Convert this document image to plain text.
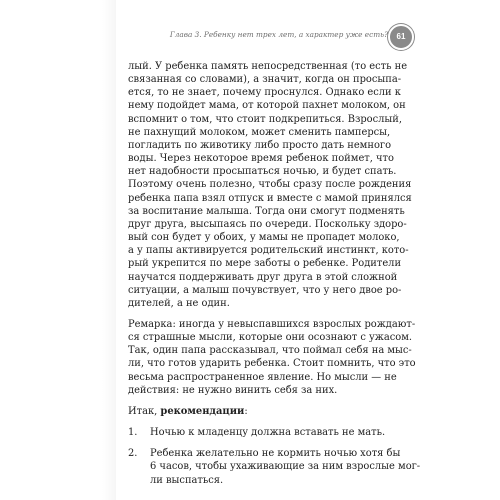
Глава 3. Ребенку нет трех лет, а характер уже есть?	61

лый. У ребенка память непосредственная (то есть не
связанная со словами), а значит, когда он просыпа-
ется, то не знает, почему проснулся. Однако если к
нему подойдет мама, от которой пахнет молоком, он
вспомнит о том, что стоит подкрепиться. Взрослый,
не пахнущий молоком, может сменить памперсы,
погладить по животику либо просто дать немного
воды. Через некоторое время ребенок поймет, что
нет надобности просыпаться ночью, и будет спать.
Поэтому очень полезно, чтобы сразу после рождения
ребенка папа взял отпуск и вместе с мамой принялся
за воспитание малыша. Тогда они смогут подменять
друг друга, высыпаясь по очереди. Поскольку здоро-
вый сон будет у обоих, у мамы не пропадет молоко,
а у папы активируется родительский инстинкт, кото-
рый укрепится по мере заботы о ребенке. Родители
научатся поддерживать друг друга в этой сложной
ситуации, а малыш почувствует, что у него двое ро-
дителей, а не один.

Ремарка: иногда у невыспавшихся взрослых рождают-
ся страшные мысли, которые они осознают с ужасом.
Так, один папа рассказывал, что поймал себя на мыс-
ли, что готов ударить ребенка. Стоит помнить, что это
весьма распространенное явление. Но мысли — не
действия: не нужно винить себя за них.

Итак, рекомендации:

1.	Ночью к младенцу должна вставать не мать.
2.	Ребенка желательно не кормить ночью хотя бы
6 часов, чтобы ухаживающие за ним взрослые мог-
ли выспаться.
